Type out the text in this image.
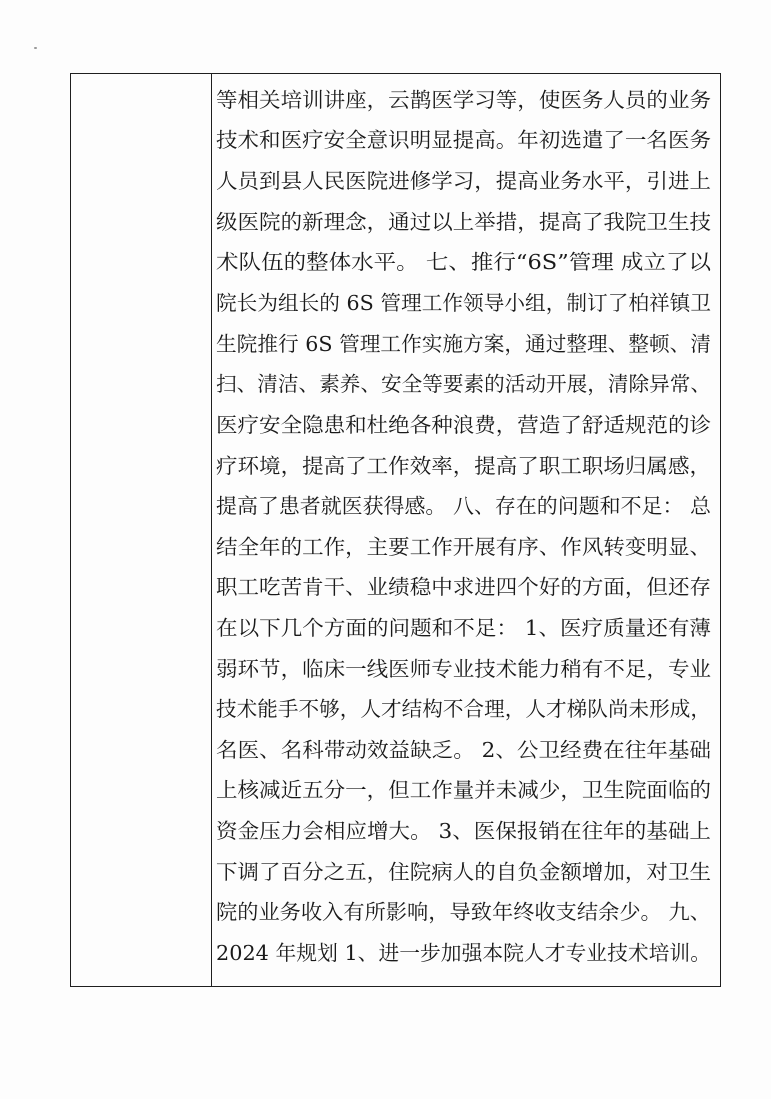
等相关培训讲座，云鹊医学习等，使医务人员的业务
技术和医疗安全意识明显提高。年初选遣了一名医务
人员到县人民医院进修学习，提高业务水平，引进上
级医院的新理念，通过以上举措，提高了我院卫生技
术队伍的整体水平。 七、推行“6S”管理 成立了以
院长为组长的 6S 管理工作领导小组，制订了柏祥镇卫
生院推行 6S 管理工作实施方案，通过整理、整顿、清
扫、清洁、素养、安全等要素的活动开展，清除异常、
医疗安全隐患和杜绝各种浪费，营造了舒适规范的诊
疗环境，提高了工作效率，提高了职工职场归属感，
提高了患者就医获得感。 八、存在的问题和不足： 总
结全年的工作，主要工作开展有序、作风转变明显、
职工吃苦肯干、业绩稳中求进四个好的方面，但还存
在以下几个方面的问题和不足： 1、医疗质量还有薄
弱环节，临床一线医师专业技术能力稍有不足，专业
技术能手不够，人才结构不合理，人才梯队尚未形成，
名医、名科带动效益缺乏。 2、公卫经费在往年基础
上核减近五分一，但工作量并未减少，卫生院面临的
资金压力会相应增大。 3、医保报销在往年的基础上
下调了百分之五，住院病人的自负金额增加，对卫生
院的业务收入有所影响，导致年终收支结余少。 九、
2024 年规划 1、进一步加强本院人才专业技术培训。
